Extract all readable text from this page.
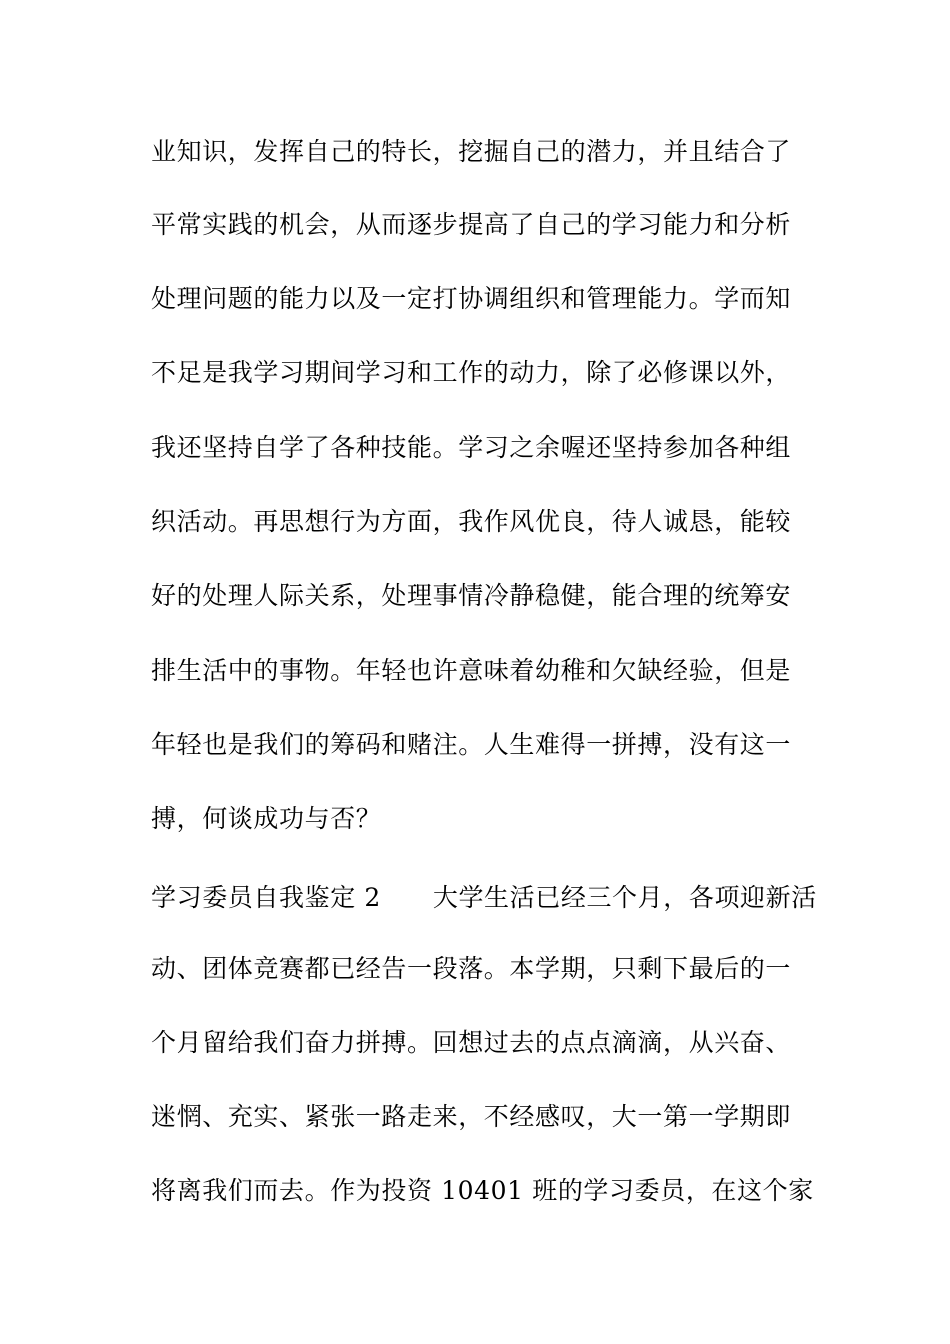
业知识，发挥自己的特长，挖掘自己的潜力，并且结合了
平常实践的机会，从而逐步提高了自己的学习能力和分析
处理问题的能力以及一定打协调组织和管理能力。学而知
不足是我学习期间学习和工作的动力，除了必修课以外，
我还坚持自学了各种技能。学习之余喔还坚持参加各种组
织活动。再思想行为方面，我作风优良，待人诚恳，能较
好的处理人际关系，处理事情冷静稳健，能合理的统筹安
排生活中的事物。年轻也许意味着幼稚和欠缺经验，但是
年轻也是我们的筹码和赌注。人生难得一拼搏，没有这一
搏，何谈成功与否？
学习委员自我鉴定 2 大学生活已经三个月，各项迎新活
动、团体竞赛都已经告一段落。本学期，只剩下最后的一
个月留给我们奋力拼搏。回想过去的点点滴滴，从兴奋、
迷惘、充实、紧张一路走来，不经感叹，大一第一学期即
将离我们而去。作为投资 10401 班的学习委员，在这个家
